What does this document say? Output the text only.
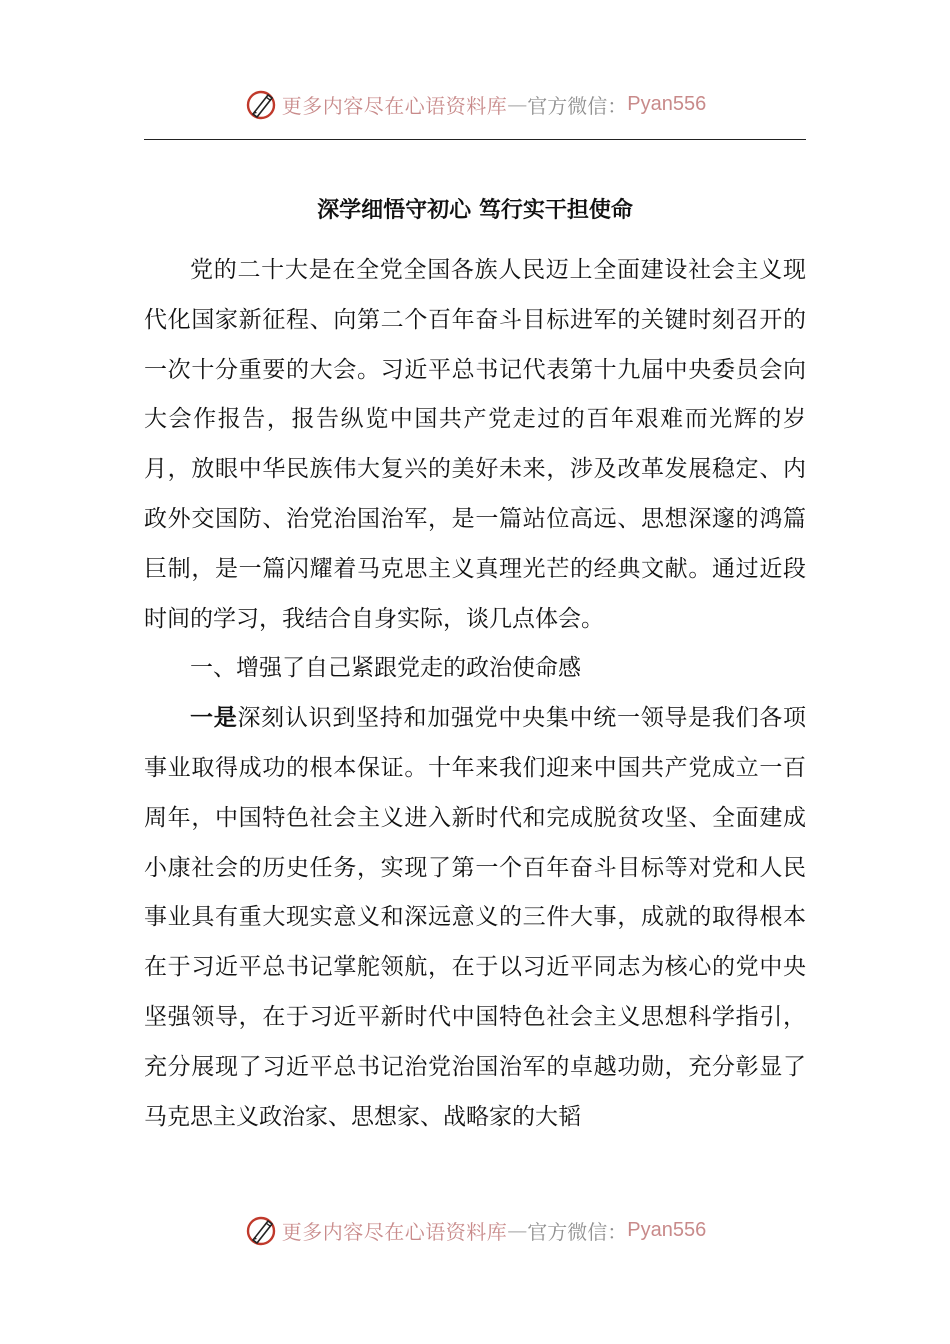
更多内容尽在心语资料库 — 官方微信： Pyan556
深学细悟守初心 笃行实干担使命

党的二十大是在全党全国各族人民迈上全面建设社会主义现代化国家新征程、向第二个百年奋斗目标进军的关键时刻召开的一次十分重要的大会。习近平总书记代表第十九届中央委员会向大会作报告，报告纵览中国共产党走过的百年艰难而光辉的岁月，放眼中华民族伟大复兴的美好未来，涉及改革发展稳定、内政外交国防、治党治国治军，是一篇站位高远、思想深邃的鸿篇巨制，是一篇闪耀着马克思主义真理光芒的经典文献。通过近段时间的学习，我结合自身实际，谈几点体会。

一、增强了自己紧跟党走的政治使命感

一是深刻认识到坚持和加强党中央集中统一领导是我们各项事业取得成功的根本保证。十年来我们迎来中国共产党成立一百周年，中国特色社会主义进入新时代和完成脱贫攻坚、全面建成小康社会的历史任务，实现了第一个百年奋斗目标等对党和人民事业具有重大现实意义和深远意义的三件大事，成就的取得根本在于习近平总书记掌舵领航，在于以习近平同志为核心的党中央坚强领导，在于习近平新时代中国特色社会主义思想科学指引，充分展现了习近平总书记治党治国治军的卓越功勋，充分彰显了马克思主义政治家、思想家、战略家的大韬

更多内容尽在心语资料库 — 官方微信： Pyan556
